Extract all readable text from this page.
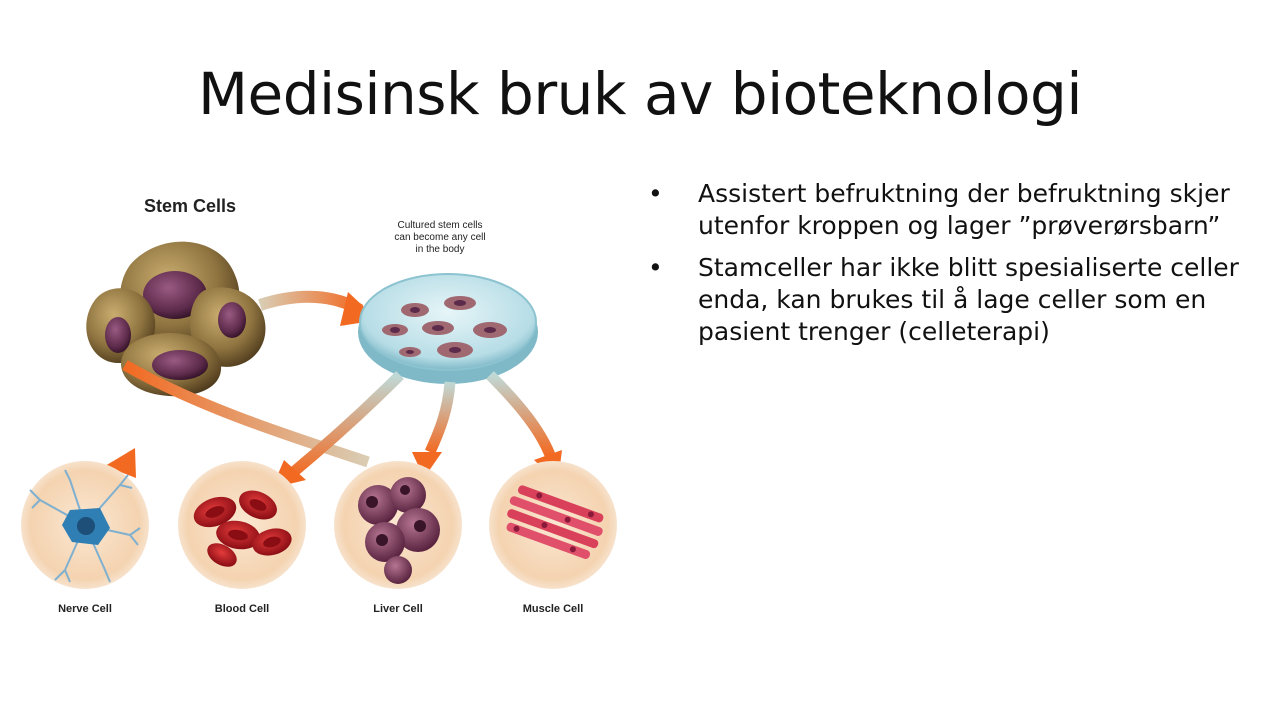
Medisinsk bruk av bioteknologi
Stem Cells
Cultured stem cells
can become any cell
in the body
Nerve Cell	Blood Cell	Liver Cell	Muscle Cell
• Assistert befruktning der befruktning skjer utenfor kroppen og lager ”prøverørsbarn”
• Stamceller har ikke blitt spesialiserte celler enda, kan brukes til å lage celler som en pasient trenger (celleterapi)
